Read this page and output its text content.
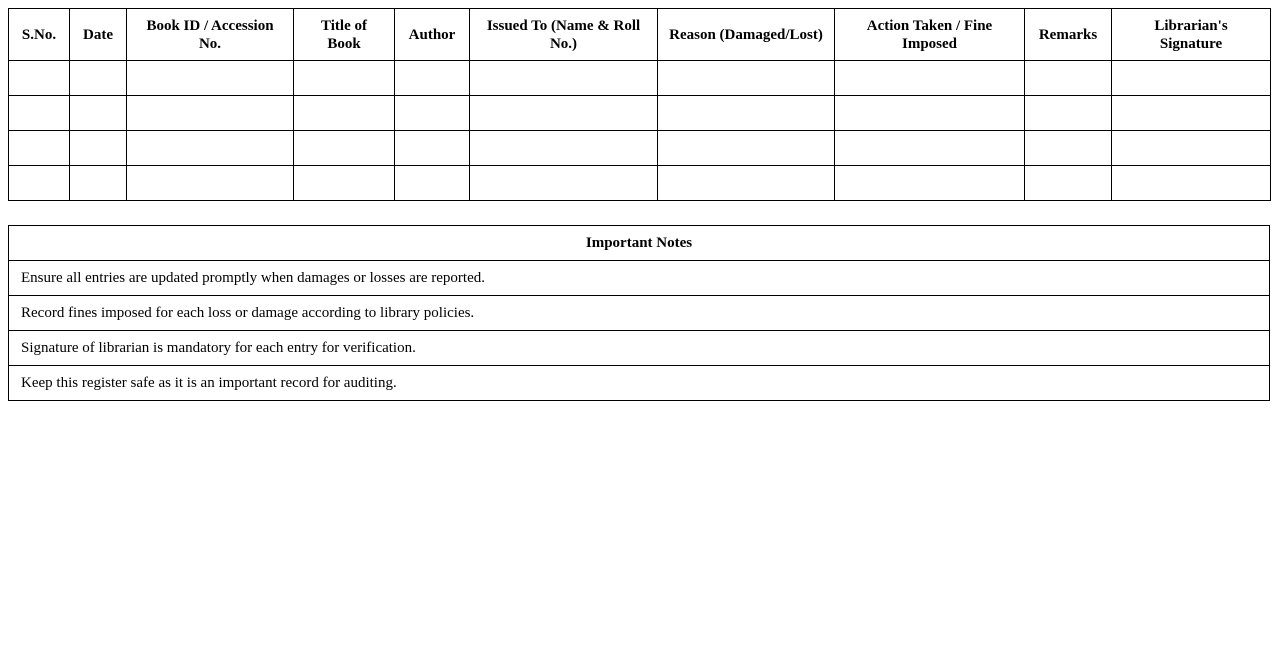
S.No.	Date	Book ID / Accession No.	Title of Book	Author	Issued To (Name & Roll No.)	Reason (Damaged/Lost)	Action Taken / Fine Imposed	Remarks	Librarian's Signature

Important Notes
Ensure all entries are updated promptly when damages or losses are reported.
Record fines imposed for each loss or damage according to library policies.
Signature of librarian is mandatory for each entry for verification.
Keep this register safe as it is an important record for auditing.
